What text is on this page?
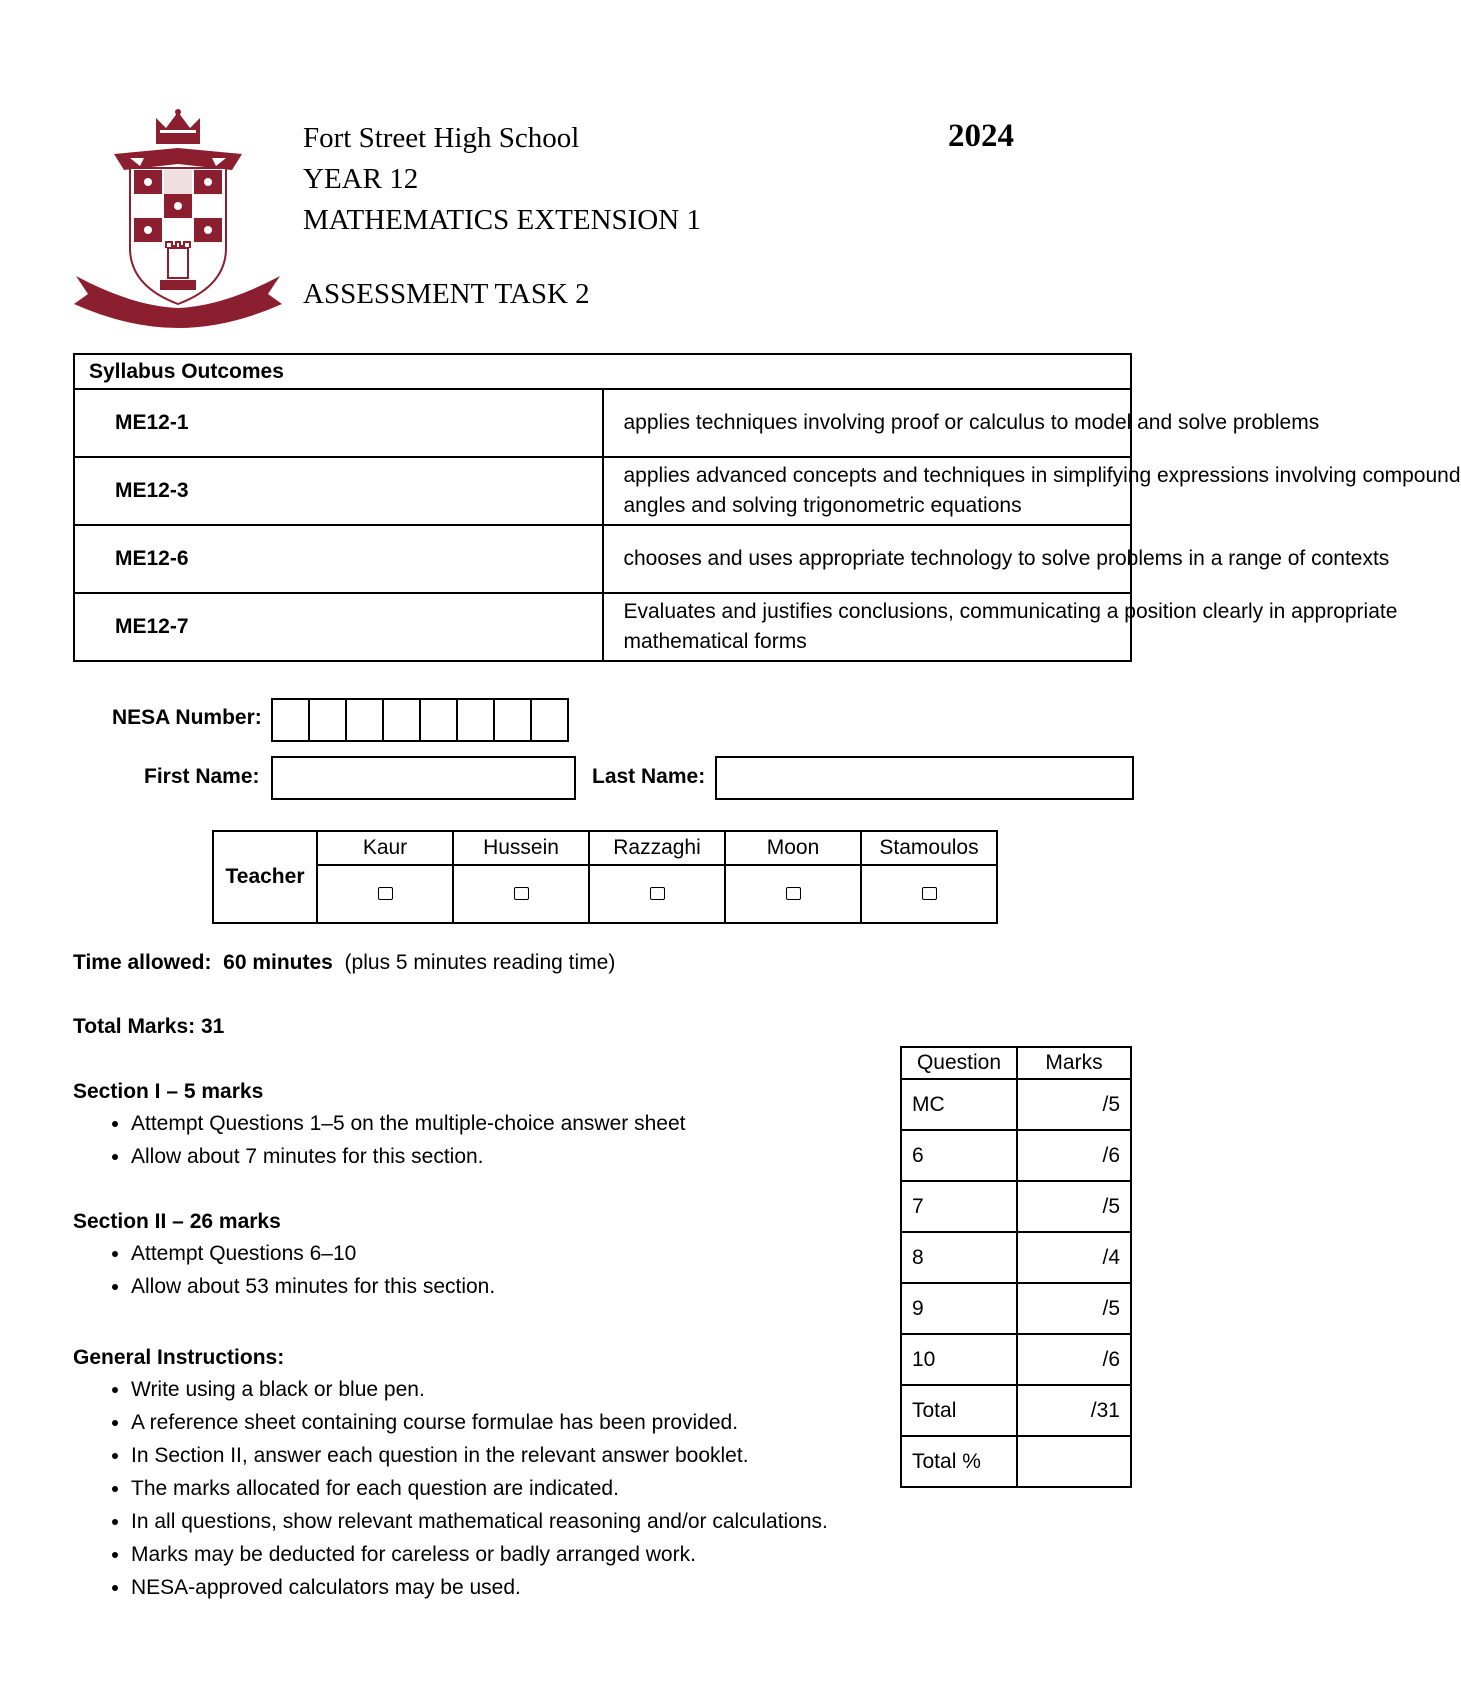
Fort Street High School
YEAR 12
MATHEMATICS EXTENSION 1
2024
ASSESSMENT TASK 2
Syllabus Outcomes	
ME12-1	applies techniques involving proof or calculus to model and solve problems

ME12-3	applies advanced concepts and techniques in simplifying expressions involving compound
angles and solving trigonometric equations

ME12-6	chooses and uses appropriate technology to solve problems in a range of contexts

ME12-7	Evaluates and justifies conclusions, communicating a position clearly in appropriate
mathematical forms
NESA Number:
First Name:	Last Name:
Teacher	Kaur	Hussein	Razzaghi	Moon	Stamoulos

Time allowed: 60 minutes (plus 5 minutes reading time)
Total Marks: 31
Section I – 5 marks
• Attempt Questions 1–5 on the multiple-choice answer sheet
• Allow about 7 minutes for this section.
Section II – 26 marks
• Attempt Questions 6–10
• Allow about 53 minutes for this section.
General Instructions:
• Write using a black or blue pen.
• A reference sheet containing course formulae has been provided.
• In Section II, answer each question in the relevant answer booklet.
• The marks allocated for each question are indicated.
• In all questions, show relevant mathematical reasoning and/or calculations.
• Marks may be deducted for careless or badly arranged work.
• NESA-approved calculators may be used.
Question	Marks
MC	/5
6	/6
7	/5
8	/4
9	/5
10	/6
Total	/31
Total %	
